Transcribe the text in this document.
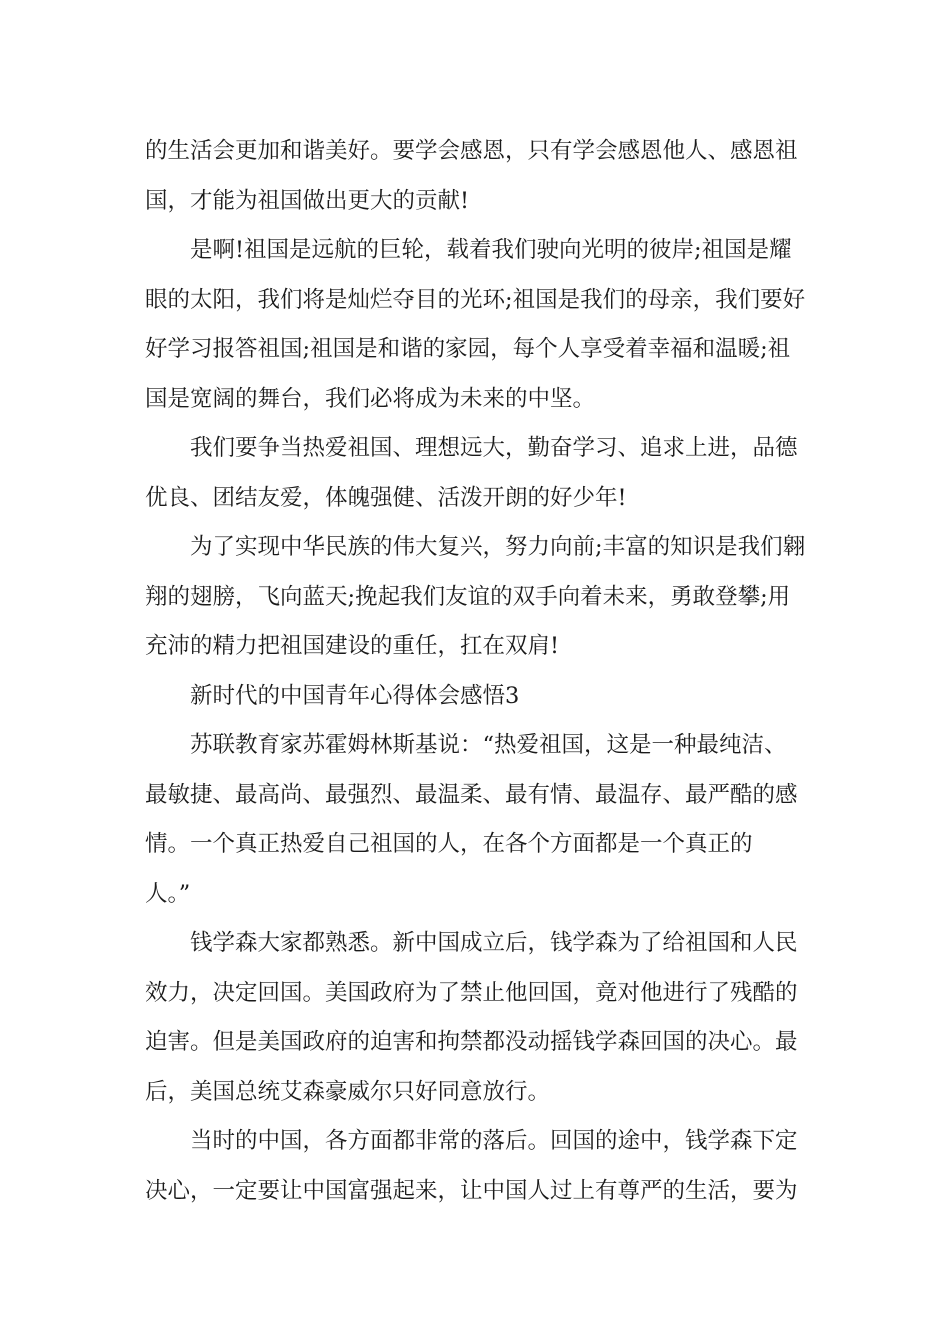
的生活会更加和谐美好。要学会感恩，只有学会感恩他人、感恩祖
国，才能为祖国做出更大的贡献!
是啊!祖国是远航的巨轮，载着我们驶向光明的彼岸;祖国是耀
眼的太阳，我们将是灿烂夺目的光环;祖国是我们的母亲，我们要好
好学习报答祖国;祖国是和谐的家园，每个人享受着幸福和温暖;祖
国是宽阔的舞台，我们必将成为未来的中坚。
我们要争当热爱祖国、理想远大，勤奋学习、追求上进，品德
优良、团结友爱，体魄强健、活泼开朗的好少年!
为了实现中华民族的伟大复兴，努力向前;丰富的知识是我们翱
翔的翅膀，飞向蓝天;挽起我们友谊的双手向着未来，勇敢登攀;用
充沛的精力把祖国建设的重任，扛在双肩!
新时代的中国青年心得体会感悟3
苏联教育家苏霍姆林斯基说：“热爱祖国，这是一种最纯洁、
最敏捷、最高尚、最强烈、最温柔、最有情、最温存、最严酷的感
情。一个真正热爱自己祖国的人，在各个方面都是一个真正的
人。”
钱学森大家都熟悉。新中国成立后，钱学森为了给祖国和人民
效力，决定回国。美国政府为了禁止他回国，竟对他进行了残酷的
迫害。但是美国政府的迫害和拘禁都没动摇钱学森回国的决心。最
后，美国总统艾森豪威尔只好同意放行。
当时的中国，各方面都非常的落后。回国的途中，钱学森下定
决心，一定要让中国富强起来，让中国人过上有尊严的生活，要为
